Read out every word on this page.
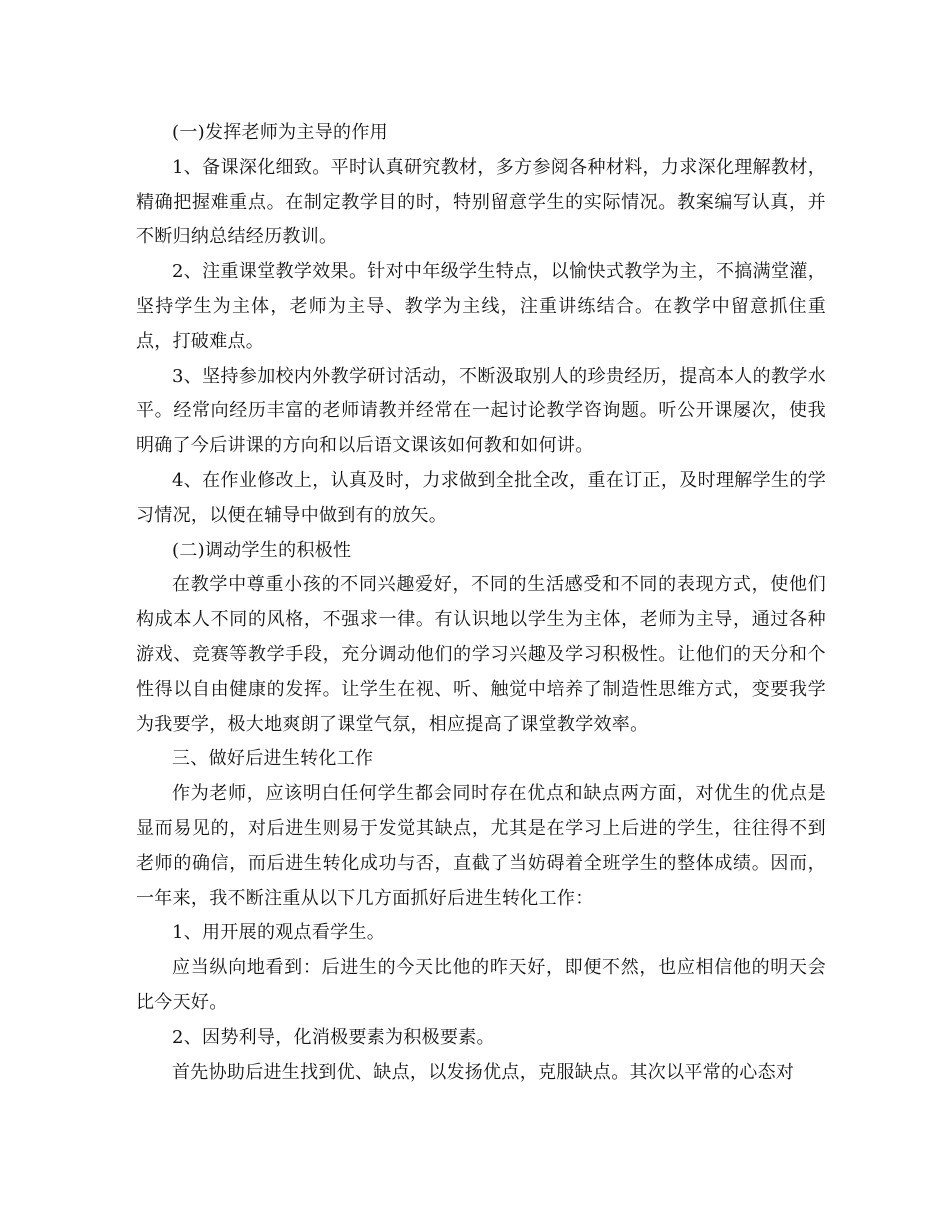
(一)发挥老师为主导的作用

1、备课深化细致。平时认真研究教材，多方参阅各种材料，力求深化理解教材，精确把握难重点。在制定教学目的时，特别留意学生的实际情况。教案编写认真，并不断归纳总结经历教训。

2、注重课堂教学效果。针对中年级学生特点，以愉快式教学为主，不搞满堂灌，坚持学生为主体，老师为主导、教学为主线，注重讲练结合。在教学中留意抓住重点，打破难点。

3、坚持参加校内外教学研讨活动，不断汲取别人的珍贵经历，提高本人的教学水平。经常向经历丰富的老师请教并经常在一起讨论教学咨询题。听公开课屡次，使我明确了今后讲课的方向和以后语文课该如何教和如何讲。

4、在作业修改上，认真及时，力求做到全批全改，重在订正，及时理解学生的学习情况，以便在辅导中做到有的放矢。

(二)调动学生的积极性

在教学中尊重小孩的不同兴趣爱好，不同的生活感受和不同的表现方式，使他们构成本人不同的风格，不强求一律。有认识地以学生为主体，老师为主导，通过各种游戏、竞赛等教学手段，充分调动他们的学习兴趣及学习积极性。让他们的天分和个性得以自由健康的发挥。让学生在视、听、触觉中培养了制造性思维方式，变要我学为我要学，极大地爽朗了课堂气氛，相应提高了课堂教学效率。

三、做好后进生转化工作

作为老师，应该明白任何学生都会同时存在优点和缺点两方面，对优生的优点是显而易见的，对后进生则易于发觉其缺点，尤其是在学习上后进的学生，往往得不到老师的确信，而后进生转化成功与否，直截了当妨碍着全班学生的整体成绩。因而，一年来，我不断注重从以下几方面抓好后进生转化工作：

1、用开展的观点看学生。

应当纵向地看到：后进生的今天比他的昨天好，即便不然，也应相信他的明天会比今天好。

2、因势利导，化消极要素为积极要素。

首先协助后进生找到优、缺点，以发扬优点，克服缺点。其次以平常的心态对
